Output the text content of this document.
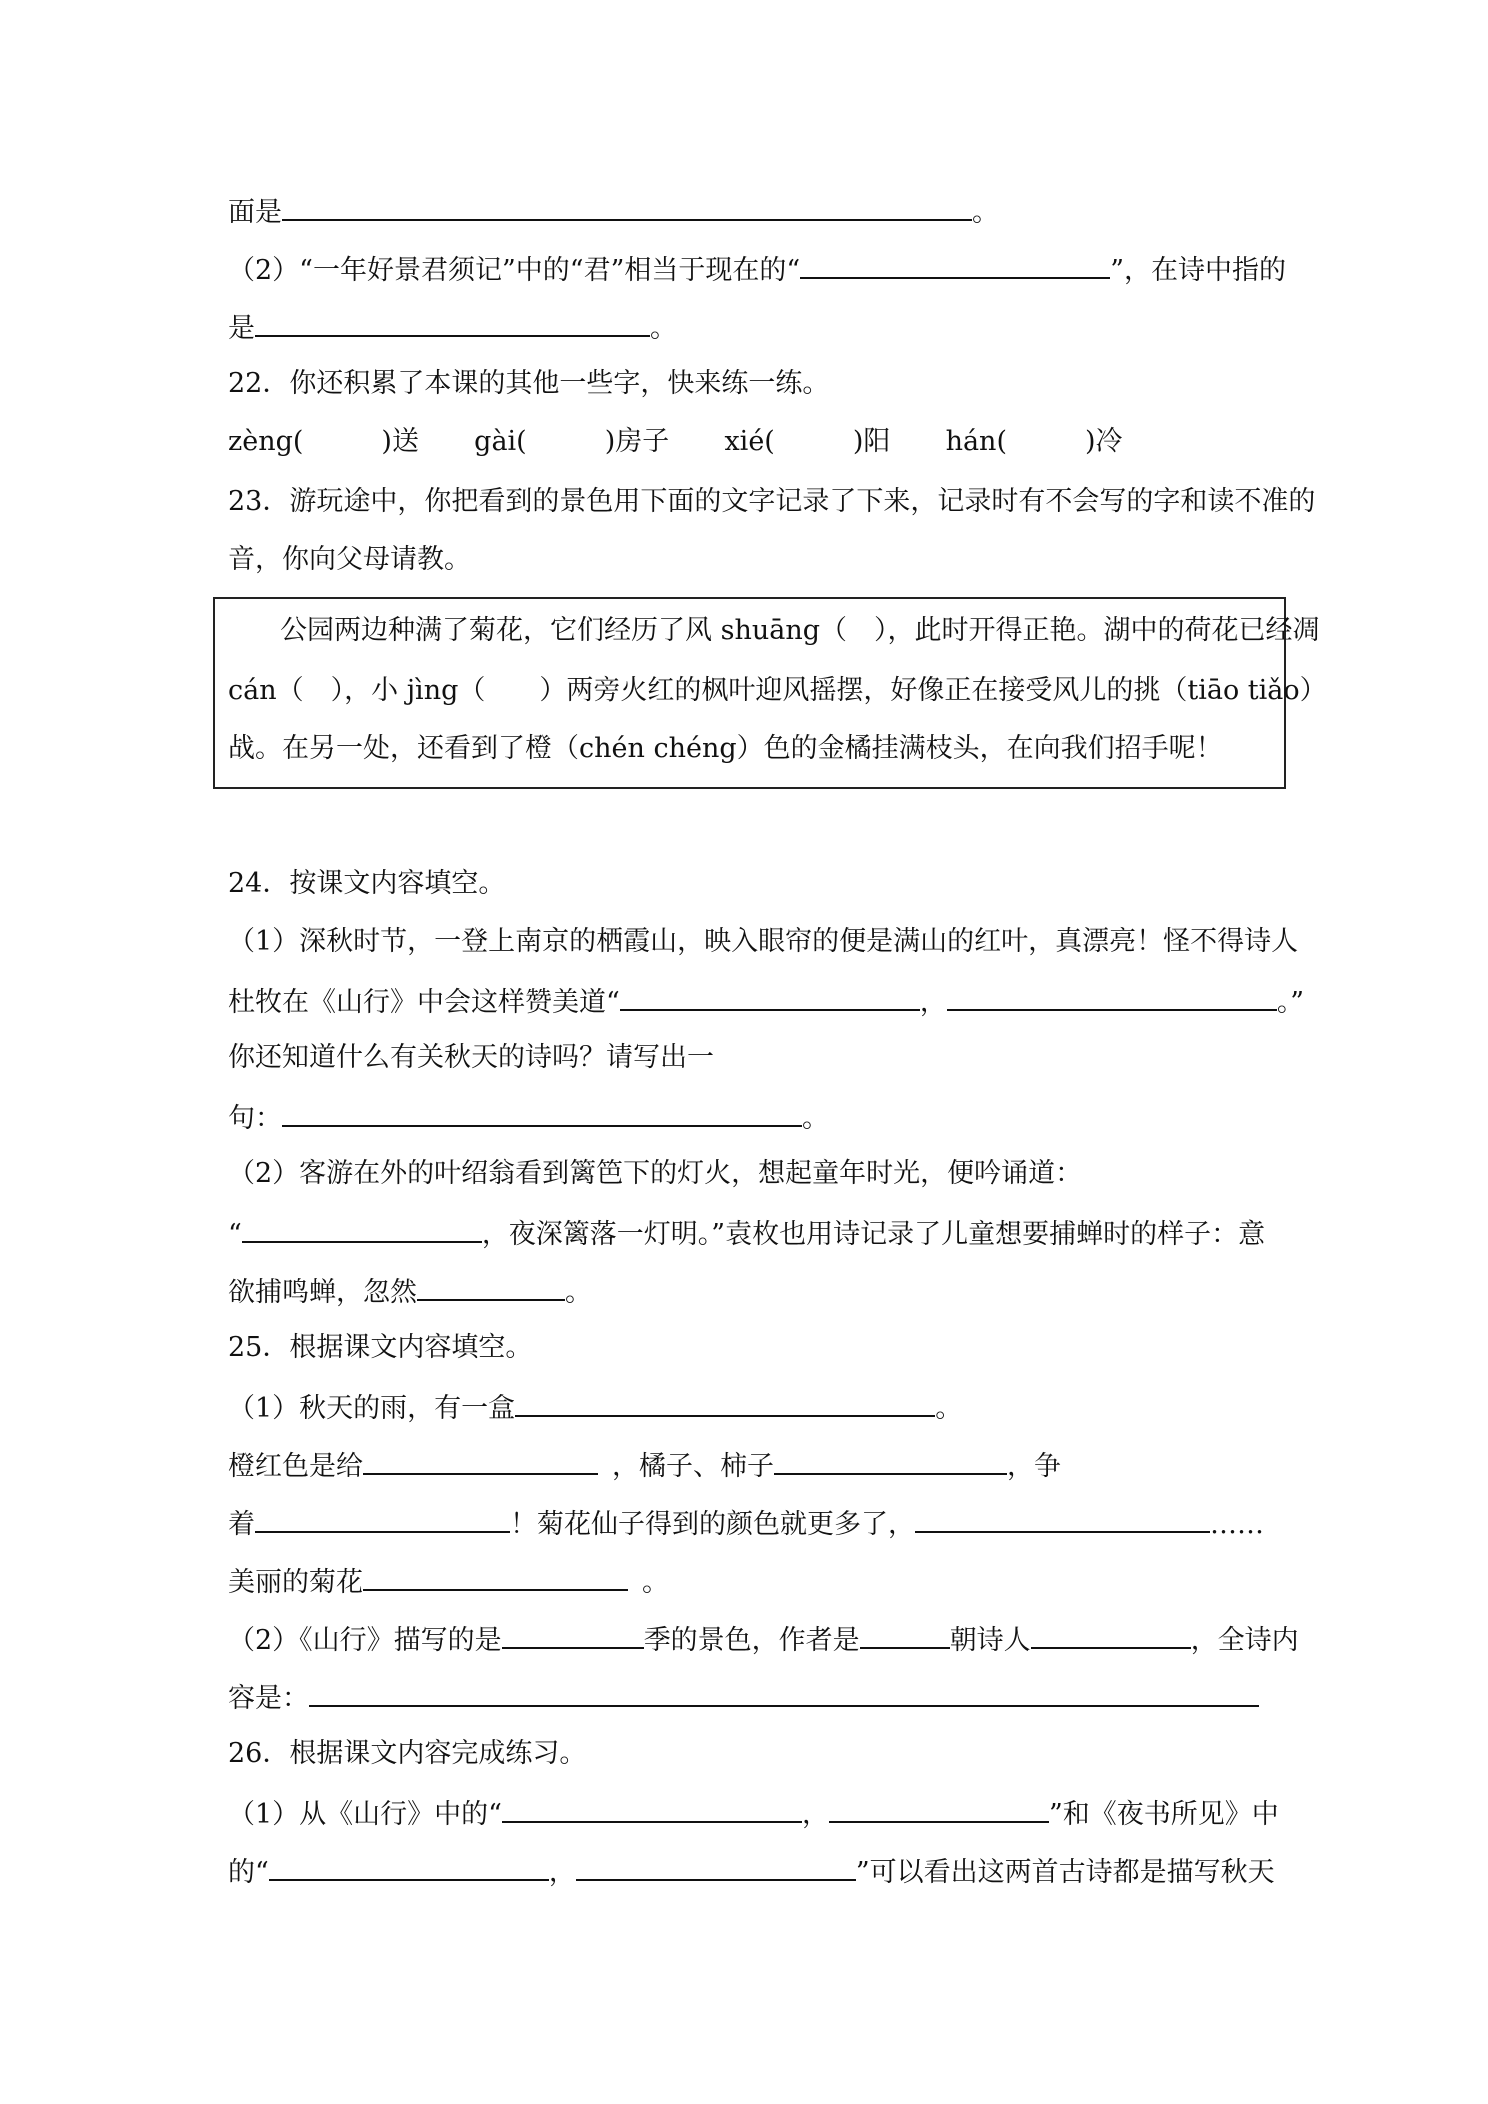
面是	。
（2）“一年好景君须记”中的“君”相当于现在的“	”，在诗中指的
是	。
22．你还积累了本课的其他一些字，快来练一练。
zèng(	)送 gài(	)房子 xié(	)阳 hán(	)冷
23．游玩途中，你把看到的景色用下面的文字记录了下来，记录时有不会写的字和读不准的
音，你向父母请教。
公园两边种满了菊花，它们经历了风 shuāng（　），此时开得正艳。湖中的荷花已经凋
cán（　），小 jìng（　　）两旁火红的枫叶迎风摇摆，好像正在接受风儿的挑（tiāo tiǎo）
战。在另一处，还看到了橙（chén chéng）色的金橘挂满枝头，在向我们招手呢！
24．按课文内容填空。
（1）深秋时节，一登上南京的栖霞山，映入眼帘的便是满山的红叶，真漂亮！怪不得诗人
杜牧在《山行》中会这样赞美道“	，	。”
你还知道什么有关秋天的诗吗？请写出一
句：	。
（2）客游在外的叶绍翁看到篱笆下的灯火，想起童年时光，便吟诵道：
“	，夜深篱落一灯明。”袁枚也用诗记录了儿童想要捕蝉时的样子：意
欲捕鸣蝉，忽然	。
25．根据课文内容填空。
（1）秋天的雨，有一盒	。
橙红色是给	，橘子、柿子	，争
着	！菊花仙子得到的颜色就更多了，	……
美丽的菊花	。
（2）《山行》描写的是	季的景色，作者是	朝诗人	，全诗内
容是：
26．根据课文内容完成练习。
（1）从《山行》中的“	，	”和《夜书所见》中
的“	，	”可以看出这两首古诗都是描写秋天
